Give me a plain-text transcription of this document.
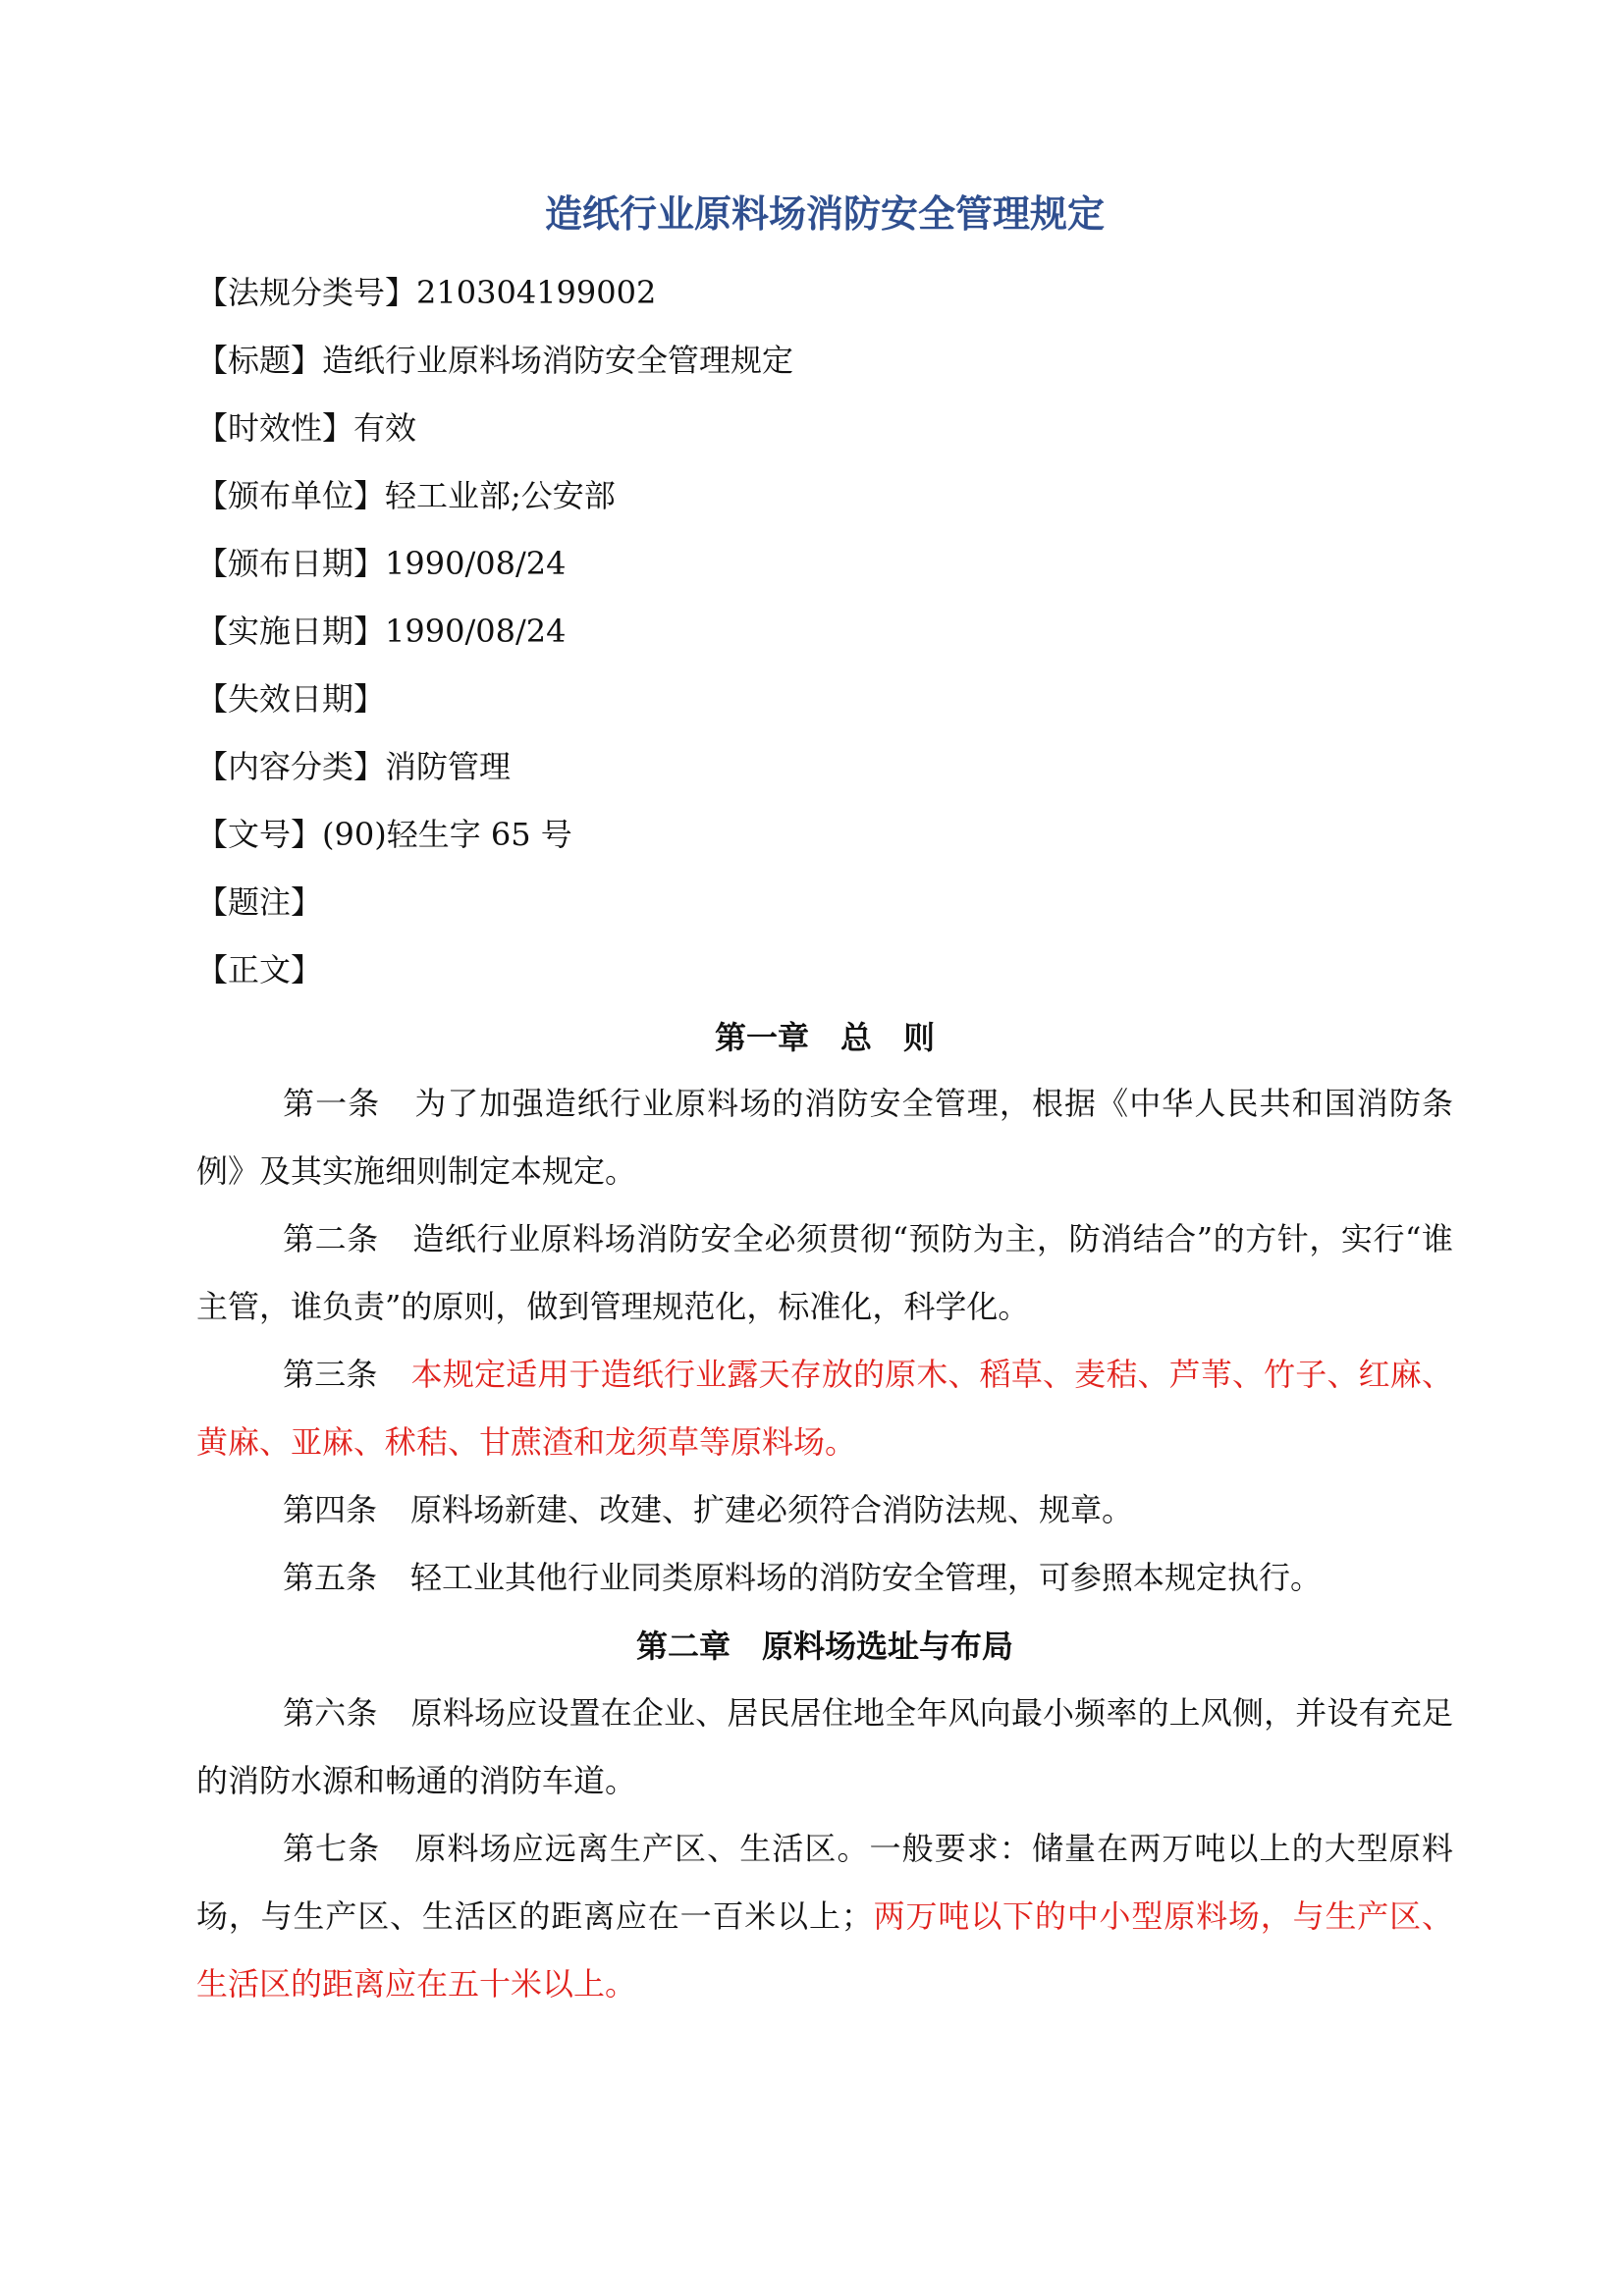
造纸行业原料场消防安全管理规定
【法规分类号】210304199002
【标题】造纸行业原料场消防安全管理规定
【时效性】有效
【颁布单位】轻工业部;公安部
【颁布日期】1990/08/24
【实施日期】1990/08/24
【失效日期】
【内容分类】消防管理
【文号】(90)轻生字 65 号
【题注】
【正文】
第一章　总　则
第一条 为了加强造纸行业原料场的消防安全管理，根据《中华人民共和国消防条例》及其实施细则制定本规定。
第二条 造纸行业原料场消防安全必须贯彻“预防为主，防消结合”的方针，实行“谁主管，谁负责”的原则，做到管理规范化，标准化，科学化。
第三条 本规定适用于造纸行业露天存放的原木、稻草、麦秸、芦苇、竹子、红麻、黄麻、亚麻、秫秸、甘蔗渣和龙须草等原料场。
第四条 原料场新建、改建、扩建必须符合消防法规、规章。
第五条 轻工业其他行业同类原料场的消防安全管理，可参照本规定执行。
第二章　原料场选址与布局
第六条 原料场应设置在企业、居民居住地全年风向最小频率的上风侧，并设有充足的消防水源和畅通的消防车道。
第七条 原料场应远离生产区、生活区。一般要求：储量在两万吨以上的大型原料场，与生产区、生活区的距离应在一百米以上；两万吨以下的中小型原料场，与生产区、生活区的距离应在五十米以上。
